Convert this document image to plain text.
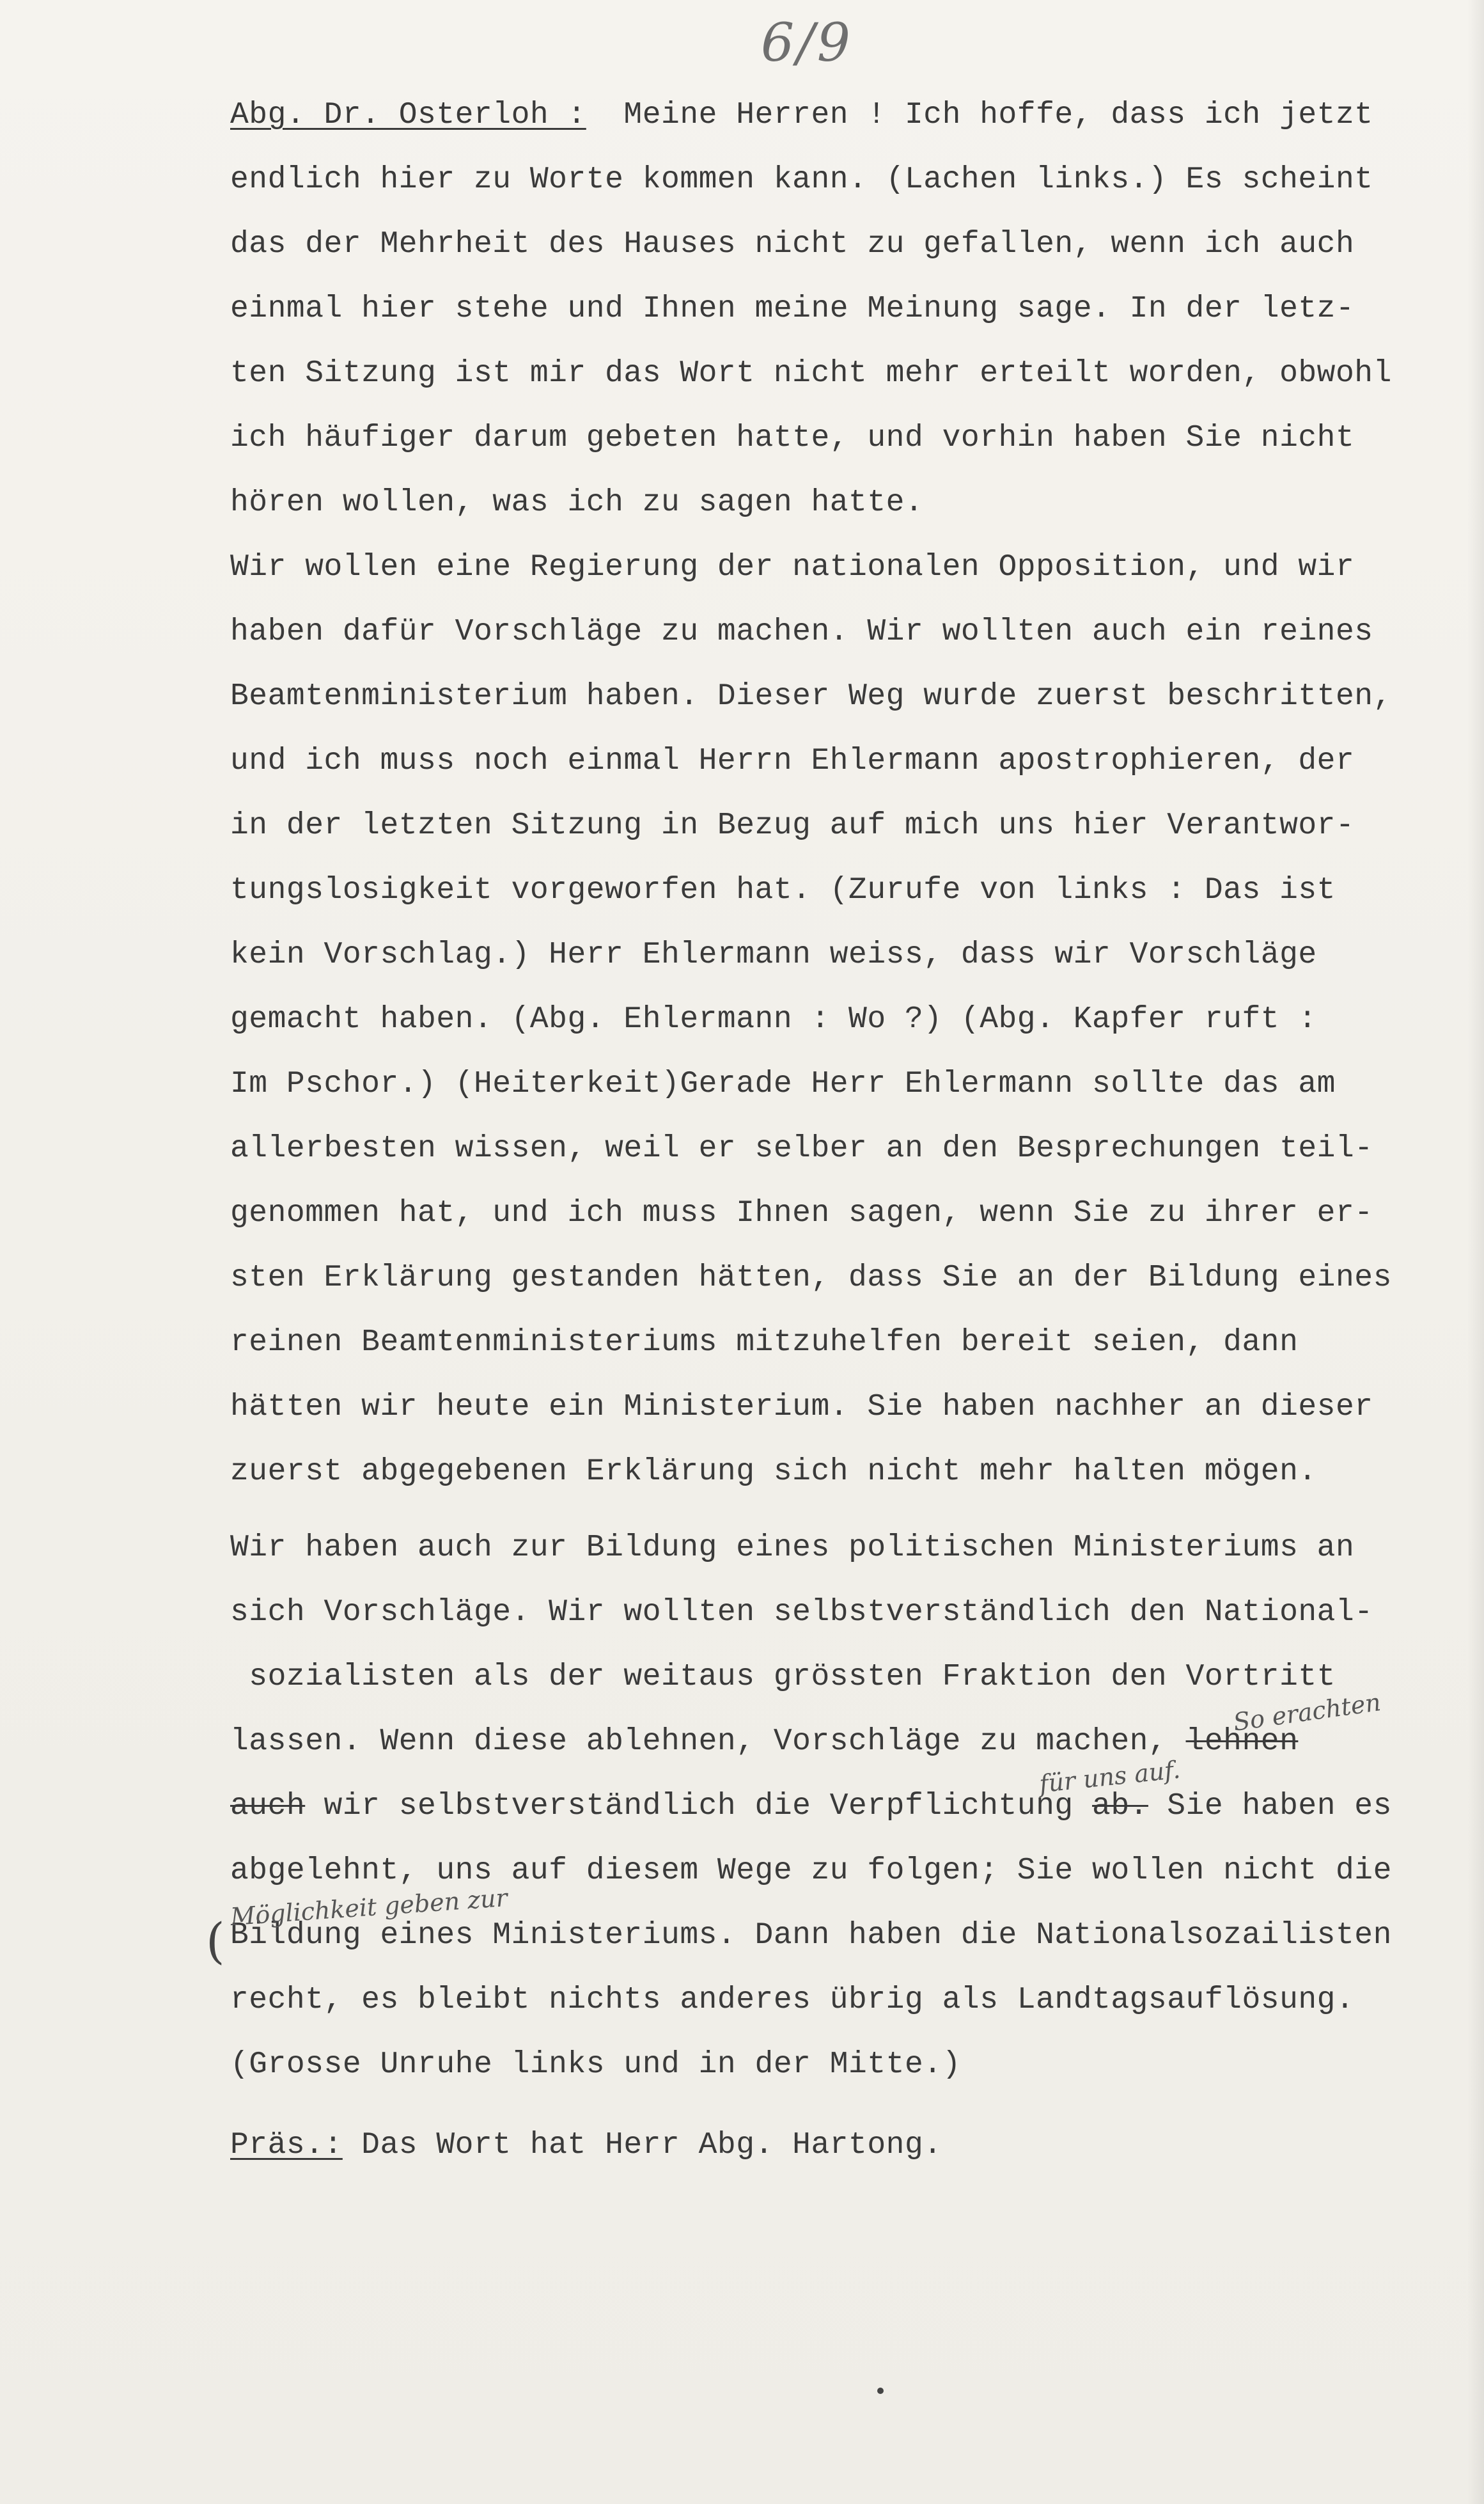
6/9
Abg. Dr. Osterloh : Meine Herren ! Ich hoffe, dass ich jetzt
endlich hier zu Worte kommen kann. (Lachen links.) Es scheint
das der Mehrheit des Hauses nicht zu gefallen, wenn ich auch
einmal hier stehe und Ihnen meine Meinung sage. In der letz-
ten Sitzung ist mir das Wort nicht mehr erteilt worden, obwohl
ich häufiger darum gebeten hatte, und vorhin haben Sie nicht
hören wollen, was ich zu sagen hatte.
Wir wollen eine Regierung der nationalen Opposition, und wir
haben dafür Vorschläge zu machen. Wir wollten auch ein reines
Beamtenministerium haben. Dieser Weg wurde zuerst beschritten,
und ich muss noch einmal Herrn Ehlermann apostrophieren, der
in der letzten Sitzung in Bezug auf mich uns hier Verantwor-
tungslosigkeit vorgeworfen hat. (Zurufe von links : Das ist
kein Vorschlag.) Herr Ehlermann weiss, dass wir Vorschläge
gemacht haben. (Abg. Ehlermann : Wo ?) (Abg. Kapfer ruft :
Im Pschor.) (Heiterkeit)Gerade Herr Ehlermann sollte das am
allerbesten wissen, weil er selber an den Besprechungen teil-
genommen hat, und ich muss Ihnen sagen, wenn Sie zu ihrer er-
sten Erklärung gestanden hätten, dass Sie an der Bildung eines
reinen Beamtenministeriums mitzuhelfen bereit seien, dann
hätten wir heute ein Ministerium. Sie haben nachher an dieser
zuerst abgegebenen Erklärung sich nicht mehr halten mögen.
Wir haben auch zur Bildung eines politischen Ministeriums an
sich Vorschläge. Wir wollten selbstverständlich den National-
sozialisten als der weitaus grössten Fraktion den Vortritt
lassen. Wenn diese ablehnen, Vorschläge zu machen, lehnen
auch wir selbstverständlich die Verpflichtung ab. Sie haben es
abgelehnt, uns auf diesem Wege zu folgen; Sie wollen nicht die
Bildung eines Ministeriums. Dann haben die Nationalsozailisten
recht, es bleibt nichts anderes übrig als Landtagsauflösung.
(Grosse Unruhe links und in der Mitte.)
Präs.: Das Wort hat Herr Abg. Hartong.
So erachten
für uns auf.
Möglichkeit geben zur
(
